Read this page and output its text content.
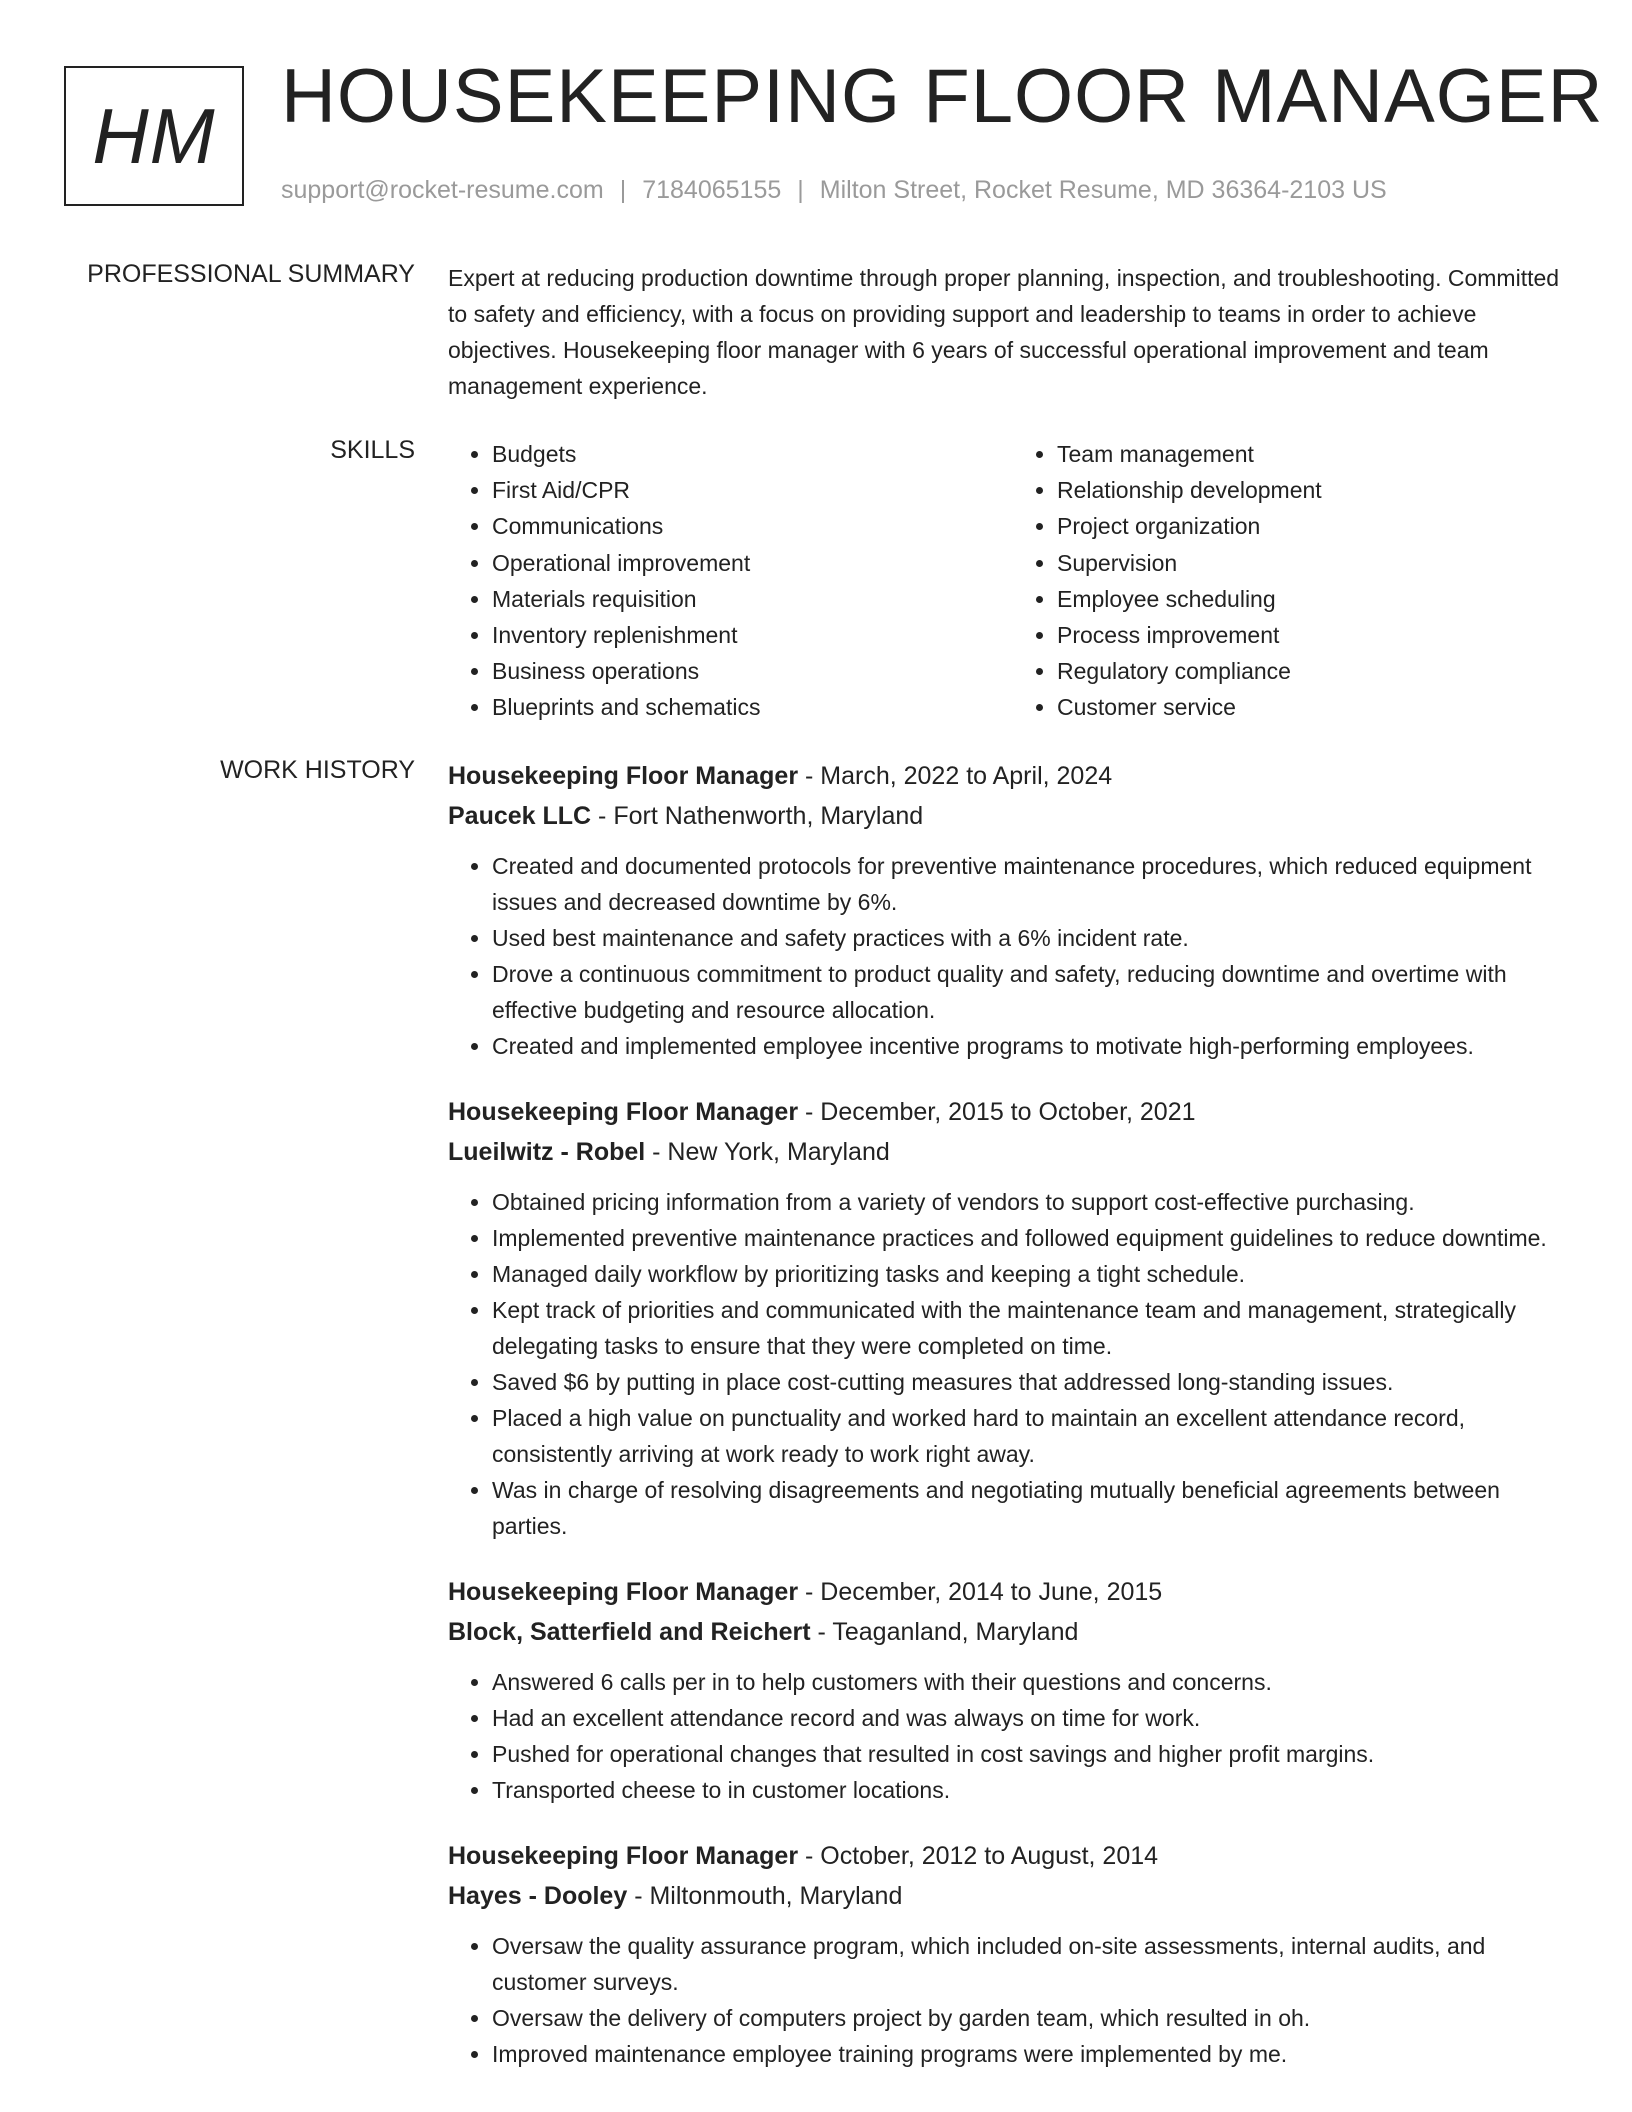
HM HOUSEKEEPING FLOOR MANAGER
support@rocket-resume.com | 7184065155 | Milton Street, Rocket Resume, MD 36364-2103 US
PROFESSIONAL SUMMARY Expert at reducing production downtime through proper planning, inspection, and troubleshooting. Committed to safety and efficiency, with a focus on providing support and leadership to teams in order to achieve objectives. Housekeeping floor manager with 6 years of successful operational improvement and team management experience.

SKILLS
•	Budgets
• First Aid/CPR
• Communications
• Operational improvement
• Materials requisition
• Inventory replenishment
• Business operations
• Blueprints and schematics
• Team management
• Relationship development
• Project organization
• Supervision
• Employee scheduling
• Process improvement
• Regulatory compliance
• Customer service
WORK HISTORY Housekeeping Floor Manager - March, 2022 to April, 2024
Paucek LLC - Fort Nathenworth, Maryland
• Created and documented protocols for preventive maintenance procedures, which reduced equipment issues and decreased downtime by 6%.
• Used best maintenance and safety practices with a 6% incident rate.
• Drove a continuous commitment to product quality and safety, reducing downtime and overtime with effective budgeting and resource allocation.
• Created and implemented employee incentive programs to motivate high-performing employees.
Housekeeping Floor Manager - December, 2015 to October, 2021
Lueilwitz - Robel - New York, Maryland
• Obtained pricing information from a variety of vendors to support cost-effective purchasing.
• Implemented preventive maintenance practices and followed equipment guidelines to reduce downtime.
• Managed daily workflow by prioritizing tasks and keeping a tight schedule.
• Kept track of priorities and communicated with the maintenance team and management, strategically delegating tasks to ensure that they were completed on time.
• Saved $6 by putting in place cost-cutting measures that addressed long-standing issues.
• Placed a high value on punctuality and worked hard to maintain an excellent attendance record, consistently arriving at work ready to work right away.
• Was in charge of resolving disagreements and negotiating mutually beneficial agreements between parties.
Housekeeping Floor Manager - December, 2014 to June, 2015
Block, Satterfield and Reichert - Teaganland, Maryland
• Answered 6 calls per in to help customers with their questions and concerns.
• Had an excellent attendance record and was always on time for work.
• Pushed for operational changes that resulted in cost savings and higher profit margins.
• Transported cheese to in customer locations.
Housekeeping Floor Manager - October, 2012 to August, 2014
Hayes - Dooley - Miltonmouth, Maryland
• Oversaw the quality assurance program, which included on-site assessments, internal audits, and customer surveys.
• Oversaw the delivery of computers project by garden team, which resulted in oh.
• Improved maintenance employee training programs were implemented by me.
